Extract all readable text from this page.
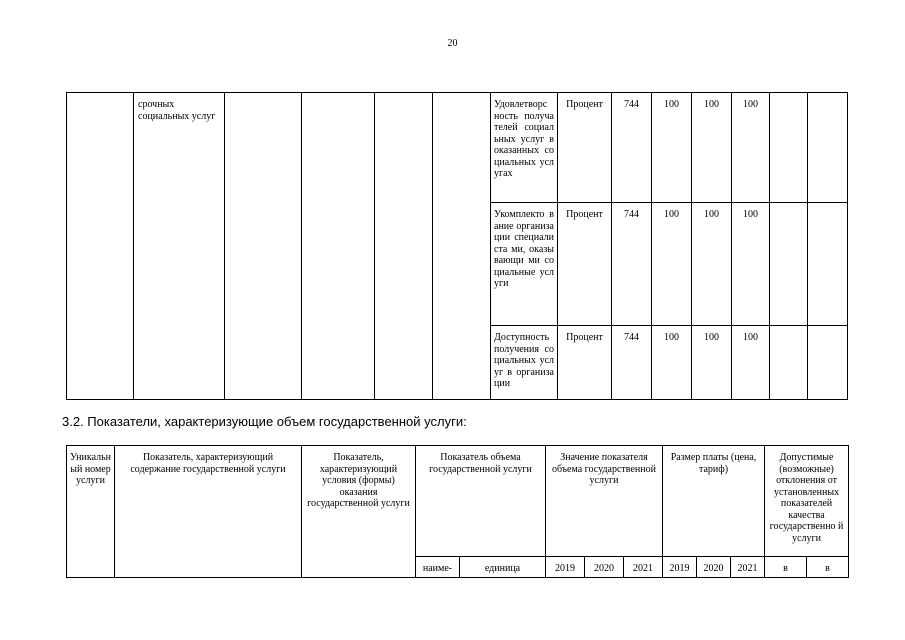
20
	срочных социальных услуг					Удовлетворс ность получателей социальных услуг в оказанных социальных услугах	Процент	744	100	100	100		
						Укомплекто вание организации специалиста ми, оказывающи ми социальные услуги	Процент	744	100	100	100		
						Доступность получения социальных услуг в организации	Процент	744	100	100	100		
3.2. Показатели, характеризующие объем государственной услуги:
Уникальн ый номер услуги	Показатель, характеризующий содержание государственной услуги	Показатель, характеризующий условия (формы) оказания государственной услуги	Показатель объема государственной услуги		Значение показателя объема государственной услуги			Размер платы (цена, тариф)			Допустимые (возможные) отклонения от установленных показателей качества государственно й услуги	
			наиме-	единица	2019	2020	2021	2019	2020	2021	в	в
